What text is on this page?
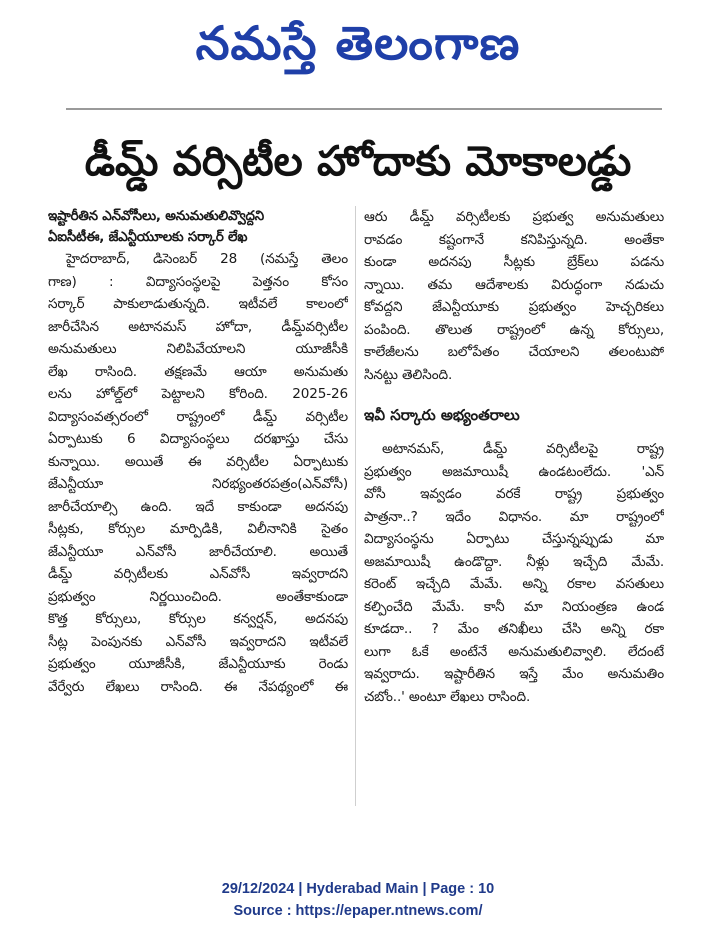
నమస్తే తెలంగాణ
డీమ్డ్ వర్సిటీల హోదాకు మోకాలడ్డు
ఇష్టారీతిన ఎన్‌వోసీలు, అనుమతులివ్వొద్దని
ఏఐసీటీఈ, జేఎన్టీయూలకు సర్కార్ లేఖ
హైదరాబాద్, డిసెంబర్ 28 (నమస్తే తెలం
గాణ) : విద్యాసంస్థలపై పెత్తనం కోసం
సర్కార్ పాకులాడుతున్నది. ఇటీవలే కాలంలో
జారీచేసిన అటానమస్ హోదా, డీమ్డ్‌వర్సిటీల
అనుమతులు నిలిపివేయాలని యూజీసీకి
లేఖ రాసింది. తక్షణమే ఆయా అనుమతు
లను హోల్డ్‌లో పెట్టాలని కోరింది. 2025-26
విద్యాసంవత్సరంలో రాష్ట్రంలో డీమ్డ్ వర్సిటీల
ఏర్పాటుకు 6 విద్యాసంస్థలు దరఖాస్తు చేసు
కున్నాయి. అయితే ఈ వర్సిటీల ఏర్పాటుకు
జేఎన్టీయూ నిరభ్యంతరపత్రం(ఎన్‌వోసీ)
జారీచేయాల్సి ఉంది. ఇదే కాకుండా అదనపు
సీట్లకు, కోర్సుల మార్పిడికి, విలీనానికి సైతం
జేఎన్టీయూ ఎన్‌వోసీ జారీచేయాలి. అయితే
డీమ్డ్ వర్సిటీలకు ఎన్‌వోసీ ఇవ్వరాదని
ప్రభుత్వం నిర్ణయించింది. అంతేకాకుండా
కొత్త కోర్సులు, కోర్సుల కన్వర్షన్, అదనపు
సీట్ల పెంపునకు ఎన్‌వోసీ ఇవ్వరాదని ఇటీవలే
ప్రభుత్వం యూజీసీకి, జేఎన్టీయూకు రెండు
వేర్వేరు లేఖలు రాసింది. ఈ నేపథ్యంలో ఈ
ఆరు డీమ్డ్ వర్సిటీలకు ప్రభుత్వ అనుమతులు
రావడం కష్టంగానే కనిపిస్తున్నది. అంతేకా
కుండా అదనపు సీట్లకు బ్రేక్‌లు పడను
న్నాయి. తమ ఆదేశాలకు విరుద్ధంగా నడుచు
కోవద్దని జేఎన్టీయూకు ప్రభుత్వం హెచ్చరికలు
పంపింది. తొలుత రాష్ట్రంలో ఉన్న కోర్సులు,
కాలేజీలను బలోపేతం చేయాలని తలంటుపో
సినట్టు తెలిసింది.
ఇవీ సర్కారు అభ్యంతరాలు
అటానమస్, డీమ్డ్ వర్సిటీలపై రాష్ట్ర
ప్రభుత్వం అజమాయిషీ ఉండటంలేదు. 'ఎన్
వోసీ ఇవ్వడం వరకే రాష్ట్ర ప్రభుత్వం
పాత్రనా..? ఇదేం విధానం. మా రాష్ట్రంలో
విద్యాసంస్థను ఏర్పాటు చేస్తున్నప్పుడు మా
అజమాయిషీ ఉండొద్దా. నీళ్లు ఇచ్చేది మేమే.
కరెంట్ ఇచ్చేది మేమే. అన్ని రకాల వసతులు
కల్పించేది మేమే. కానీ మా నియంత్రణ ఉండ
కూడదా.. ? మేం తనిఖీలు చేసి అన్ని రకా
లుగా ఓకే అంటేనే అనుమతులివ్వాలి. లేదంటే
ఇవ్వరాదు. ఇష్టారీతిన ఇస్తే మేం అనుమతిం
చబోం..' అంటూ లేఖలు రాసింది.
29/12/2024 | Hyderabad Main | Page : 10
Source : https://epaper.ntnews.com/
